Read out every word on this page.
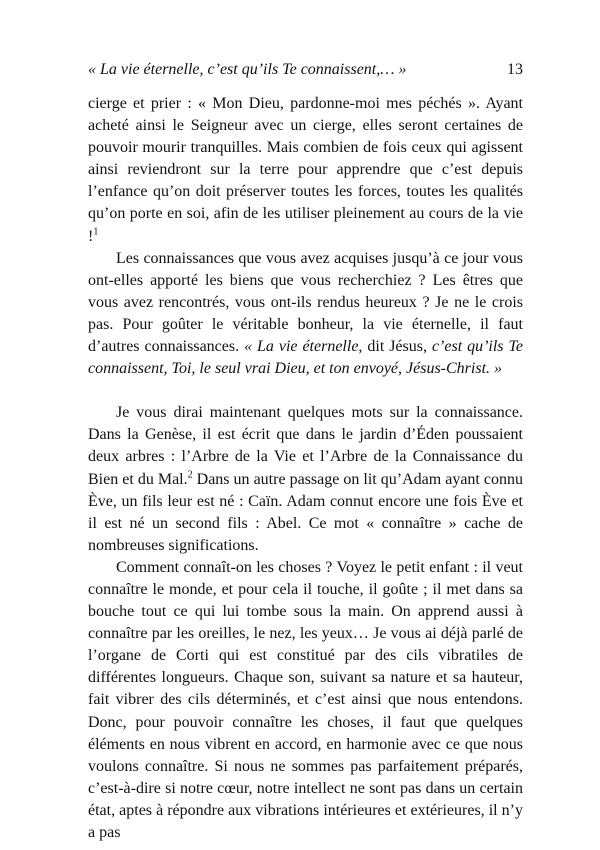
« La vie éternelle, c’est qu’ils Te connaissent,… »	13

cierge et prier : « Mon Dieu, pardonne-moi mes péchés ». Ayant acheté ainsi le Seigneur avec un cierge, elles seront certaines de pouvoir mourir tranquilles. Mais combien de fois ceux qui agissent ainsi reviendront sur la terre pour apprendre que c’est depuis l’enfance qu’on doit préserver toutes les forces, toutes les qualités qu’on porte en soi, afin de les utiliser pleinement au cours de la vie !$^1$

Les connaissances que vous avez acquises jusqu’à ce jour vous ont-elles apporté les biens que vous recherchiez ? Les êtres que vous avez rencontrés, vous ont-ils rendus heureux ? Je ne le crois pas. Pour goûter le véritable bonheur, la vie éternelle, il faut d’autres connaissances. « La vie éternelle, dit Jésus, c’est qu’ils Te connaissent, Toi, le seul vrai Dieu, et ton envoyé, Jésus-Christ. »

Je vous dirai maintenant quelques mots sur la connaissance. Dans la Genèse, il est écrit que dans le jardin d’Éden poussaient deux arbres : l’Arbre de la Vie et l’Arbre de la Connaissance du Bien et du Mal.$^2$ Dans un autre passage on lit qu’Adam ayant connu Ève, un fils leur est né : Caïn. Adam connut encore une fois Ève et il est né un second fils : Abel. Ce mot « connaître » cache de nombreuses significations.

Comment connaît-on les choses ? Voyez le petit enfant : il veut connaître le monde, et pour cela il touche, il goûte ; il met dans sa bouche tout ce qui lui tombe sous la main. On apprend aussi à connaître par les oreilles, le nez, les yeux… Je vous ai déjà parlé de l’organe de Corti qui est constitué par des cils vibratiles de différentes longueurs. Chaque son, suivant sa nature et sa hauteur, fait vibrer des cils déterminés, et c’est ainsi que nous entendons. Donc, pour pouvoir connaître les choses, il faut que quelques éléments en nous vibrent en accord, en harmonie avec ce que nous voulons connaître. Si nous ne sommes pas parfaitement préparés, c’est-à-dire si notre cœur, notre intellect ne sont pas dans un certain état, aptes à répondre aux vibrations intérieures et extérieures, il n’y a pas
